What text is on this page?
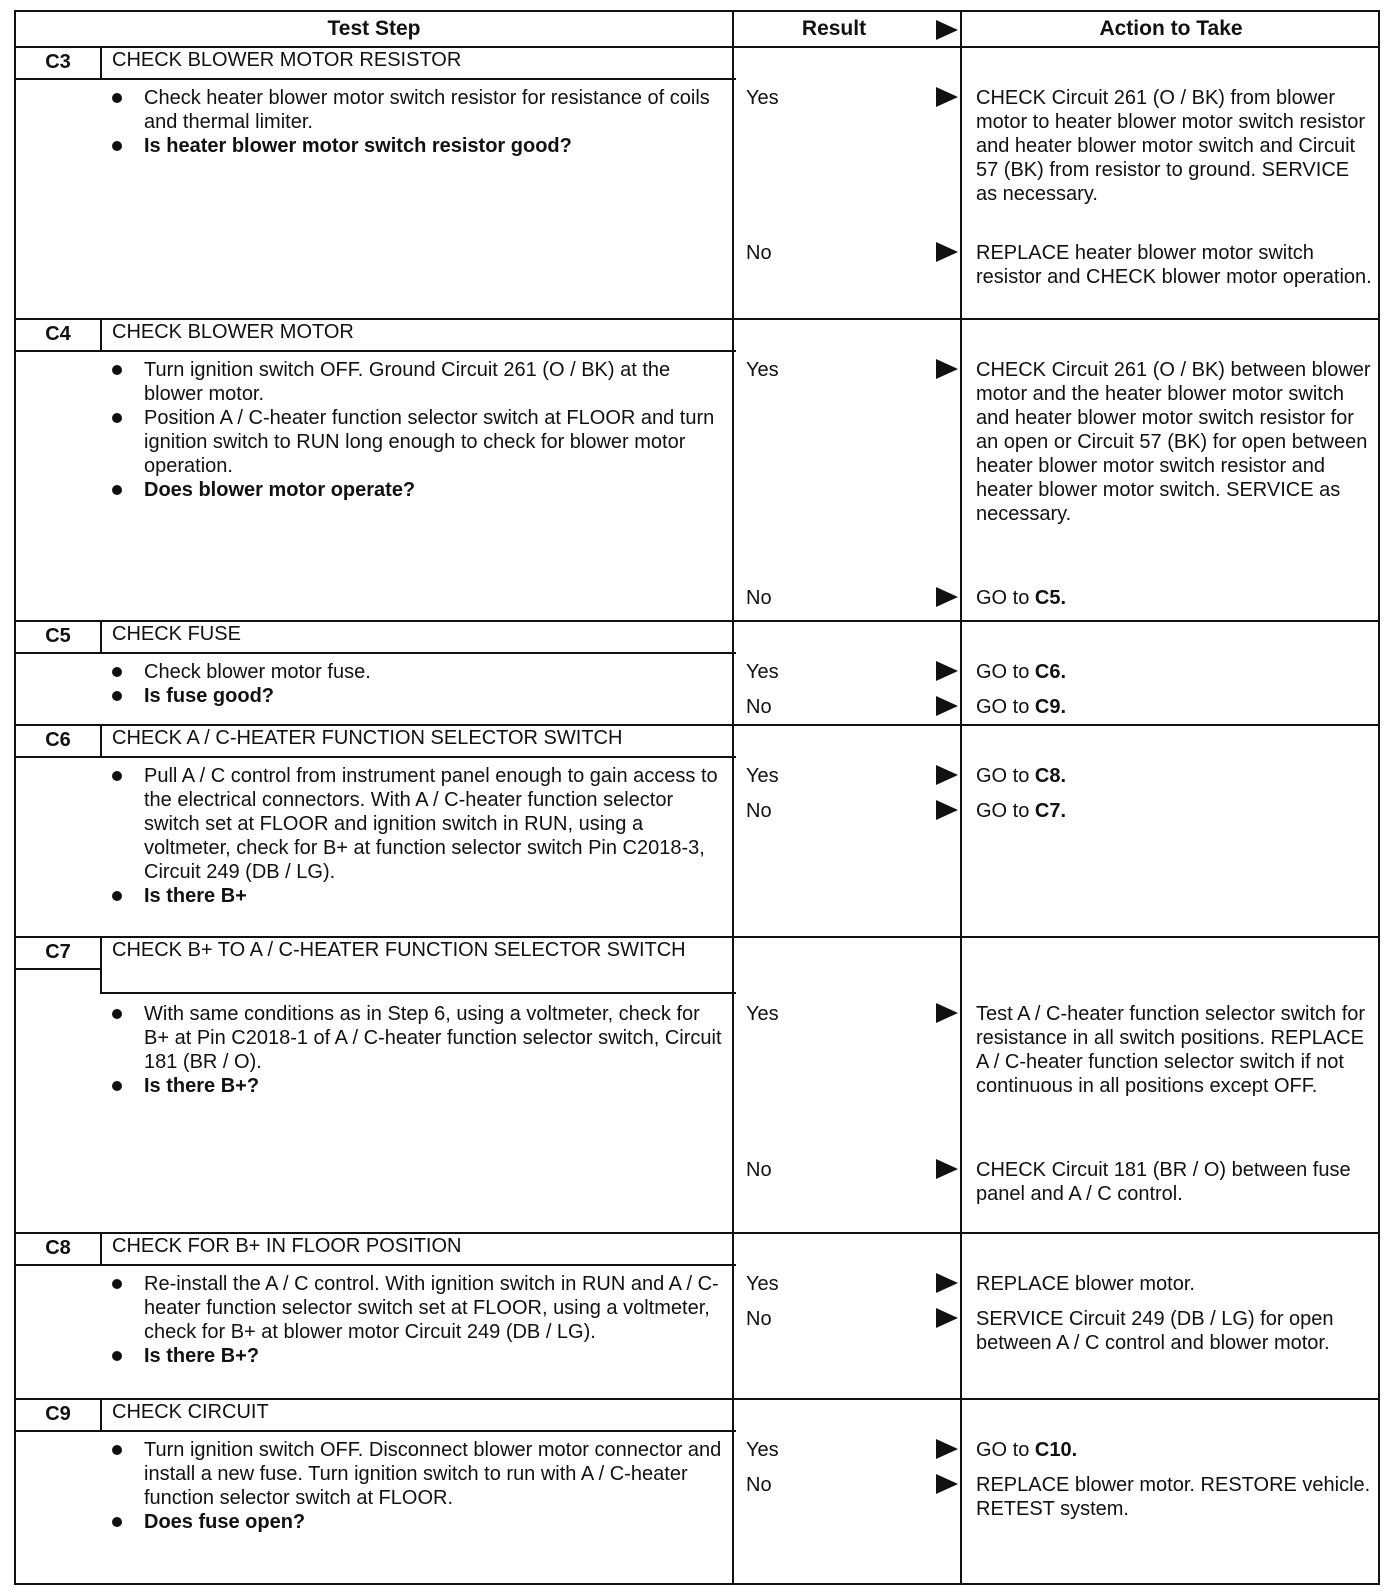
Test Step	Result	Action to Take
C3	CHECK BLOWER MOTOR RESISTOR
Check heater blower motor switch resistor for resistance of coils and thermal limiter.
Is heater blower motor switch resistor good?
Yes	CHECK Circuit 261 (O / BK) from blower motor to heater blower motor switch resistor and heater blower motor switch and Circuit 57 (BK) from resistor to ground. SERVICE as necessary.
No	REPLACE heater blower motor switch resistor and CHECK blower motor operation.
C4	CHECK BLOWER MOTOR
Turn ignition switch OFF. Ground Circuit 261 (O / BK) at the blower motor.
Position A / C-heater function selector switch at FLOOR and turn ignition switch to RUN long enough to check for blower motor operation.
Does blower motor operate?
Yes	CHECK Circuit 261 (O / BK) between blower motor and the heater blower motor switch and heater blower motor switch resistor for an open or Circuit 57 (BK) for open between heater blower motor switch resistor and heater blower motor switch. SERVICE as necessary.
No	GO to C5.
C5	CHECK FUSE
Check blower motor fuse.
Is fuse good?
Yes	GO to C6.
No	GO to C9.
C6	CHECK A / C-HEATER FUNCTION SELECTOR SWITCH
Pull A / C control from instrument panel enough to gain access to the electrical connectors. With A / C-heater function selector switch set at FLOOR and ignition switch in RUN, using a voltmeter, check for B+ at function selector switch Pin C2018-3, Circuit 249 (DB / LG).
Is there B+
Yes	GO to C8.
No	GO to C7.
C7	CHECK B+ TO A / C-HEATER FUNCTION SELECTOR SWITCH
With same conditions as in Step 6, using a voltmeter, check for B+ at Pin C2018-1 of A / C-heater function selector switch, Circuit 181 (BR / O).
Is there B+?
Yes	Test A / C-heater function selector switch for resistance in all switch positions. REPLACE A / C-heater function selector switch if not continuous in all positions except OFF.
No	CHECK Circuit 181 (BR / O) between fuse panel and A / C control.
C8	CHECK FOR B+ IN FLOOR POSITION
Re-install the A / C control. With ignition switch in RUN and A / C-heater function selector switch set at FLOOR, using a voltmeter, check for B+ at blower motor Circuit 249 (DB / LG).
Is there B+?
Yes	REPLACE blower motor.
No	SERVICE Circuit 249 (DB / LG) for open between A / C control and blower motor.
C9	CHECK CIRCUIT
Turn ignition switch OFF. Disconnect blower motor connector and install a new fuse. Turn ignition switch to run with A / C-heater function selector switch at FLOOR.
Does fuse open?
Yes	GO to C10.
No	REPLACE blower motor. RESTORE vehicle. RETEST system.
